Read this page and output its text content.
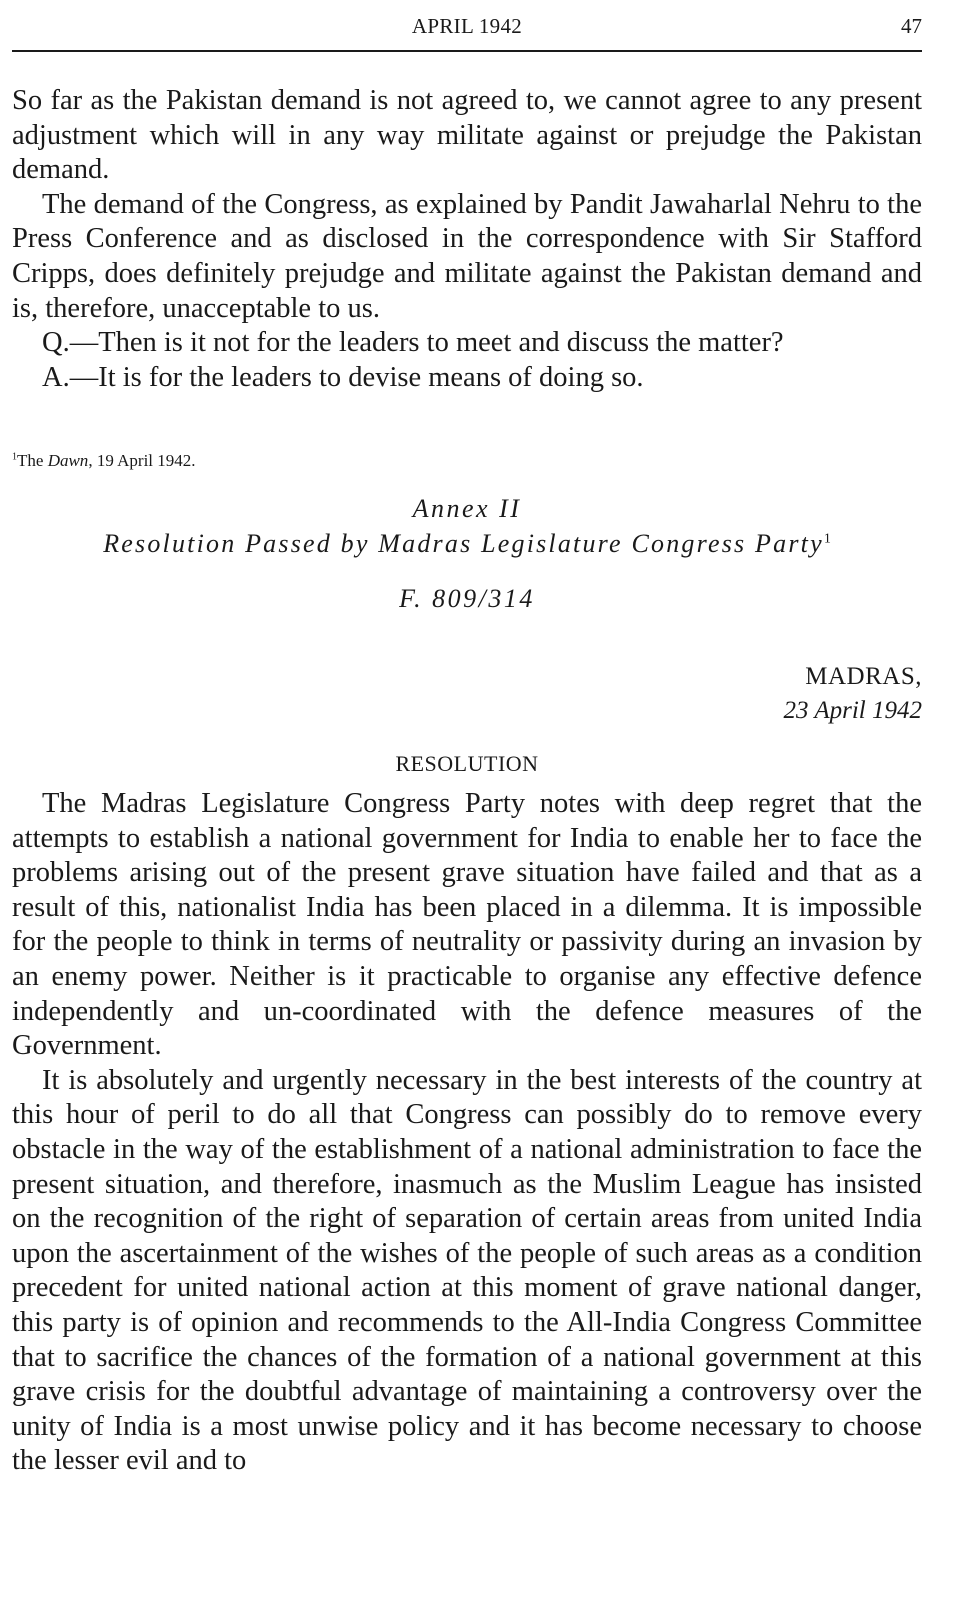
APRIL 1942	47

So far as the Pakistan demand is not agreed to, we cannot agree to any present adjustment which will in any way militate against or prejudge the Pakistan demand.

The demand of the Congress, as explained by Pandit Jawaharlal Nehru to the Press Conference and as disclosed in the correspondence with Sir Stafford Cripps, does definitely prejudge and militate against the Pakistan demand and is, therefore, unacceptable to us.

Q.—Then is it not for the leaders to meet and discuss the matter?

A.—It is for the leaders to devise means of doing so.

$^1$The Dawn, 19 April 1942.
Annex II
Resolution Passed by Madras Legislature Congress Party$^1$
F. 809/314
MADRAS,
23 April 1942
RESOLUTION

The Madras Legislature Congress Party notes with deep regret that the attempts to establish a national government for India to enable her to face the problems arising out of the present grave situation have failed and that as a result of this, nationalist India has been placed in a dilemma. It is impossible for the people to think in terms of neutrality or passivity during an invasion by an enemy power. Neither is it practicable to organise any effective defence independently and un-coordinated with the defence measures of the Government.

It is absolutely and urgently necessary in the best interests of the country at this hour of peril to do all that Congress can possibly do to remove every obstacle in the way of the establishment of a national administration to face the present situation, and therefore, inasmuch as the Muslim League has insisted on the recognition of the right of separation of certain areas from united India upon the ascertainment of the wishes of the people of such areas as a condition precedent for united national action at this moment of grave national danger, this party is of opinion and recommends to the All-India Congress Committee that to sacrifice the chances of the formation of a national government at this grave crisis for the doubtful advantage of maintaining a controversy over the unity of India is a most unwise policy and it has become necessary to choose the lesser evil and to
